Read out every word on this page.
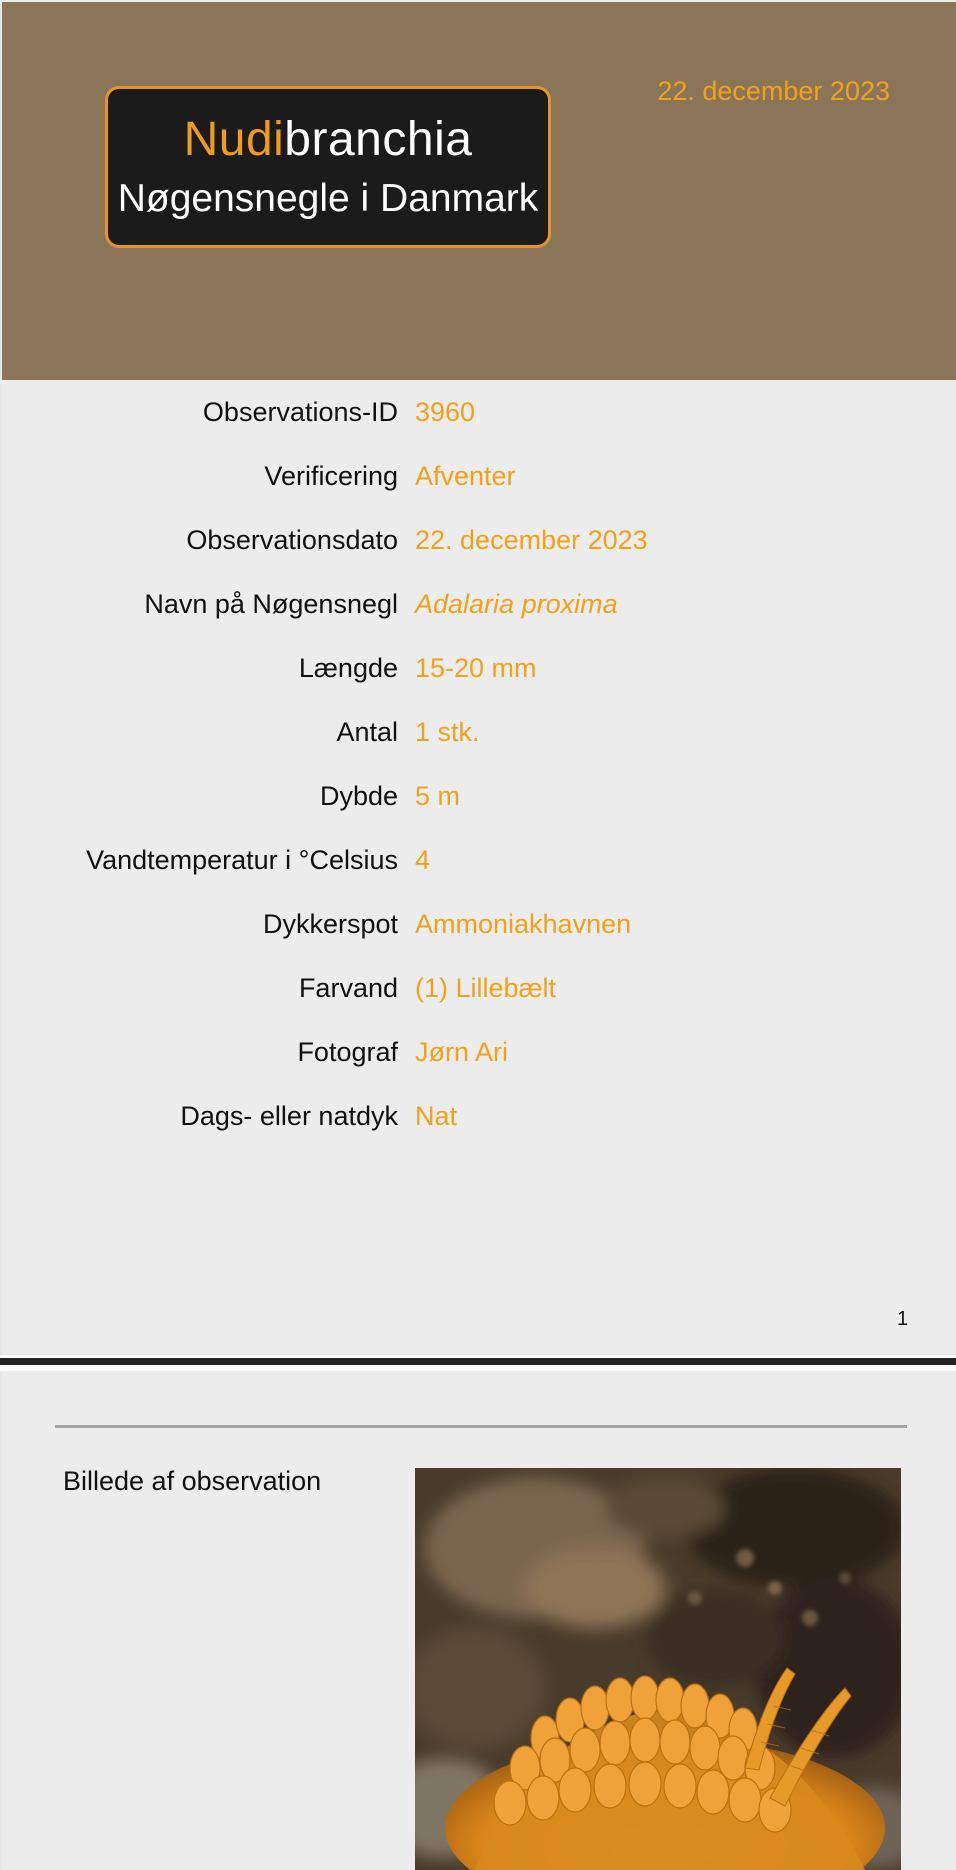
Nudibranchia
Nøgensnegle i Danmark
22. december 2023
Observations-ID 3960
Verificering Afventer
Observationsdato 22. december 2023
Navn på Nøgensnegl Adalaria proxima
Længde 15-20 mm
Antal 1 stk.
Dybde 5 m
Vandtemperatur i °Celsius 4
Dykkerspot Ammoniakhavnen
Farvand (1) Lillebælt
Fotograf Jørn Ari
Dags- eller natdyk Nat
1
Billede af observation
